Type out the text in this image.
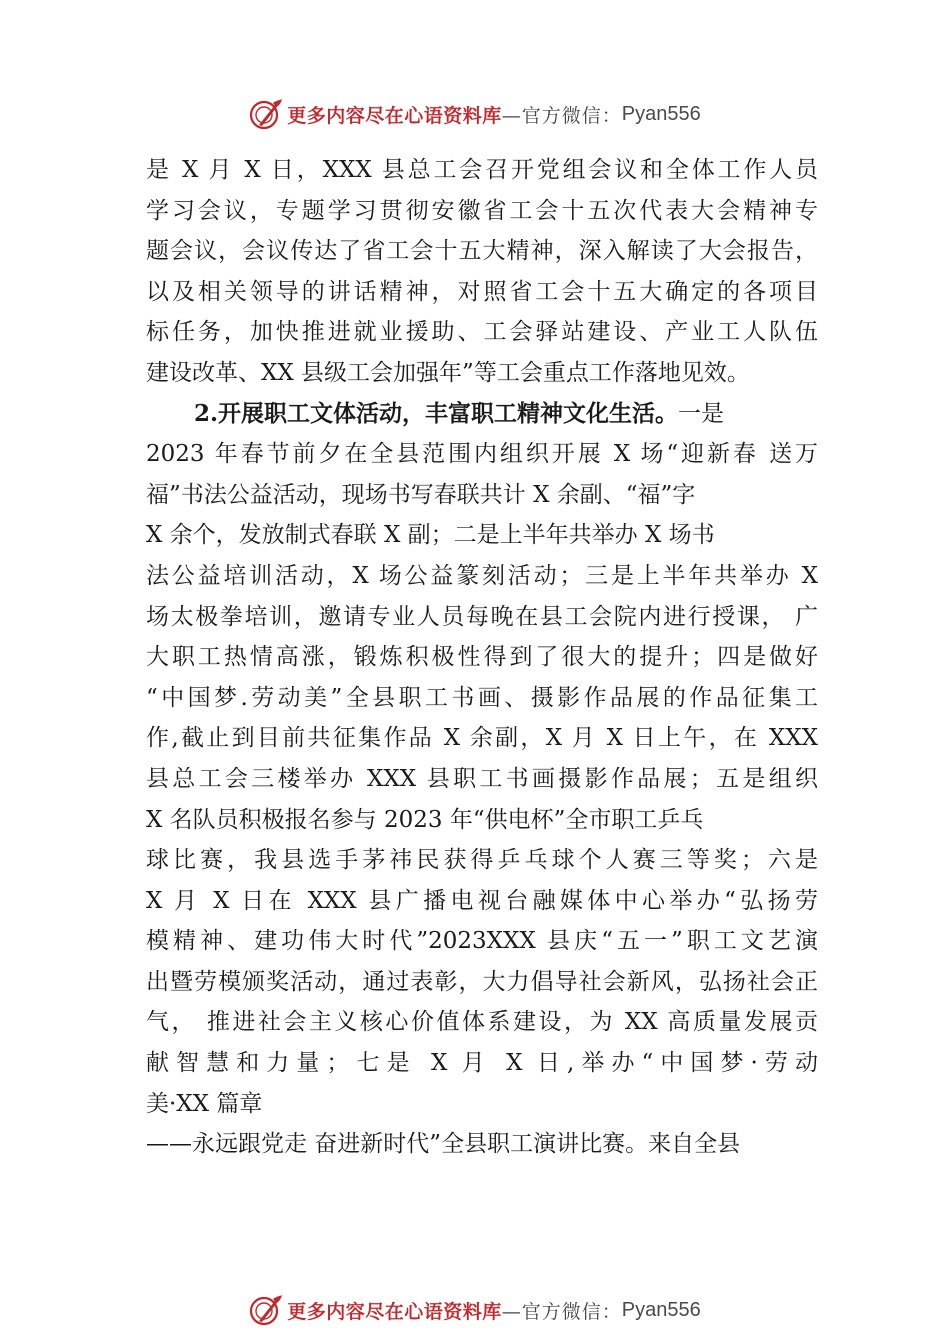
更多内容尽在心语资料库 —官方微信： Pyan556
是 X 月 X 日，XXX 县总工会召开党组会议和全体工作人员
学习会议，专题学习贯彻安徽省工会十五次代表大会精神专
题会议，会议传达了省工会十五大精神，深入解读了大会报告，
以及相关领导的讲话精神，对照省工会十五大确定的各项目
标任务，加快推进就业援助、工会驿站建设、产业工人队伍
建设改革、XX 县级工会加强年”等工会重点工作落地见效。
2.开展职工文体活动，丰富职工精神文化生活。一是
2023 年春节前夕在全县范围内组织开展 X 场“迎新春 送万
福”书法公益活动，现场书写春联共计 X 余副、“福”字
X 余个，发放制式春联 X 副；二是上半年共举办 X 场书
法公益培训活动，X 场公益篆刻活动；三是上半年共举办 X
场太极拳培训，邀请专业人员每晚在县工会院内进行授课， 广
大职工热情高涨，锻炼积极性得到了很大的提升；四是做好
“中国梦.劳动美”全县职工书画、摄影作品展的作品征集工
作,截止到目前共征集作品 X 余副，X 月 X 日上午，在 XXX
县总工会三楼举办 XXX 县职工书画摄影作品展；五是组织
X 名队员积极报名参与 2023 年“供电杯”全市职工乒乓
球比赛，我县选手茅祎民获得乒乓球个人赛三等奖；六是
X 月 X 日在 XXX 县广播电视台融媒体中心举办“弘扬劳
模精神、建功伟大时代”2023XXX 县庆“五一”职工文艺演
出暨劳模颁奖活动，通过表彰，大力倡导社会新风，弘扬社会正
气， 推进社会主义核心价值体系建设，为 XX 高质量发展贡
献智慧和力量；七是 X 月 X 日,举办“中国梦·劳动
美·XX 篇章
——永远跟党走 奋进新时代”全县职工演讲比赛。来自全县
更多内容尽在心语资料库 —官方微信： Pyan556
